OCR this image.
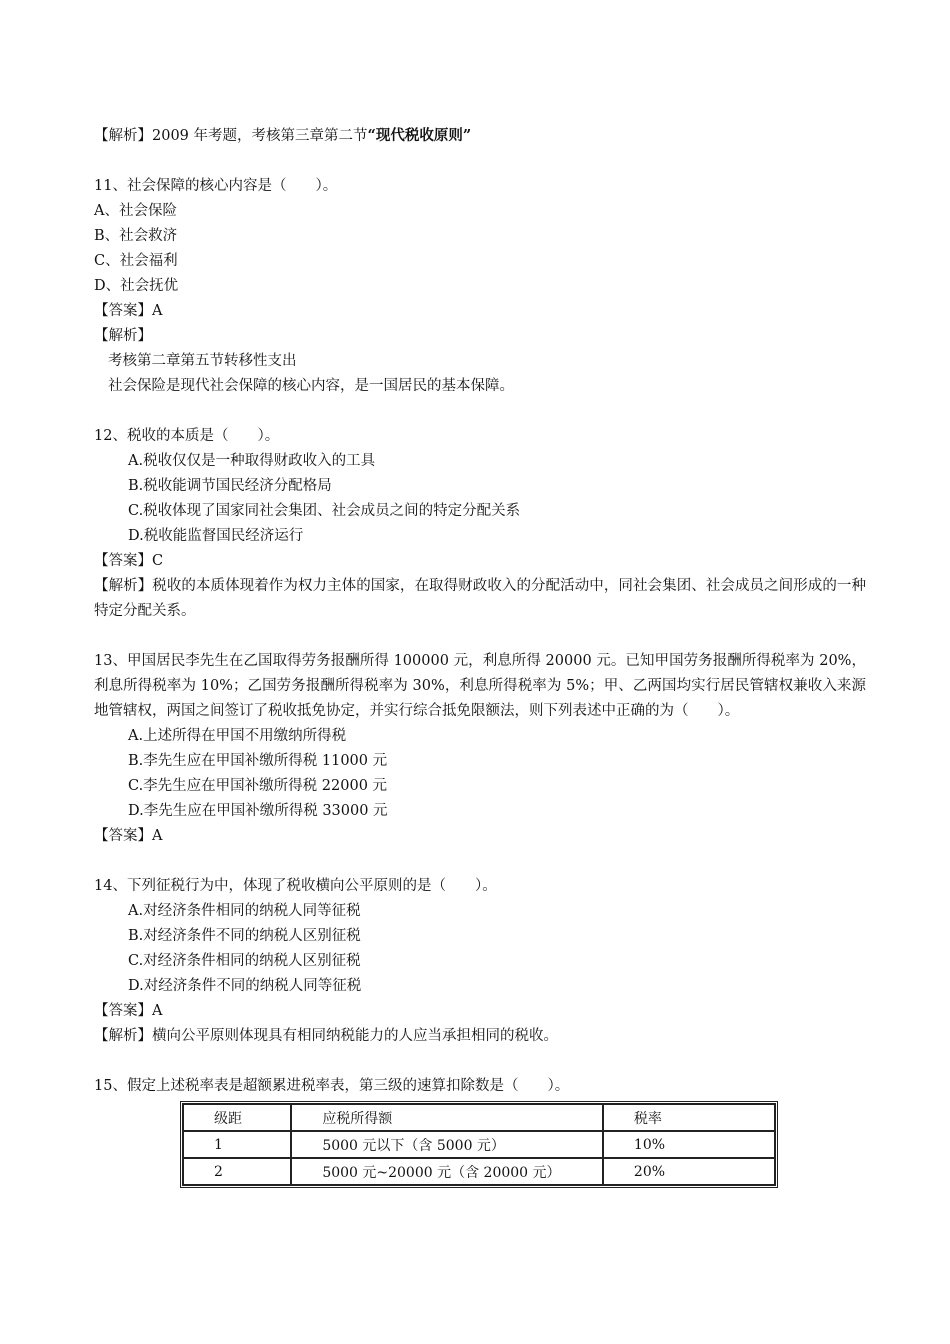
【解析】2009 年考题，考核第三章第二节“现代税收原则”
11、社会保障的核心内容是（　　）。
A、社会保险
B、社会救济
C、社会福利
D、社会抚优
【答案】A
【解析】
考核第二章第五节转移性支出
社会保险是现代社会保障的核心内容，是一国居民的基本保障。
12、税收的本质是（　　）。
A.税收仅仅是一种取得财政收入的工具
B.税收能调节国民经济分配格局
C.税收体现了国家同社会集团、社会成员之间的特定分配关系
D.税收能监督国民经济运行
【答案】C
【解析】税收的本质体现着作为权力主体的国家，在取得财政收入的分配活动中，同社会集团、社会成员之间形成的一种特定分配关系。
13、甲国居民李先生在乙国取得劳务报酬所得 100000 元，利息所得 20000 元。已知甲国劳务报酬所得税率为 20%，利息所得税率为 10%；乙国劳务报酬所得税率为 30%，利息所得税率为 5%；甲、乙两国均实行居民管辖权兼收入来源地管辖权，两国之间签订了税收抵免协定，并实行综合抵免限额法，则下列表述中正确的为（　　）。
A.上述所得在甲国不用缴纳所得税
B.李先生应在甲国补缴所得税 11000 元
C.李先生应在甲国补缴所得税 22000 元
D.李先生应在甲国补缴所得税 33000 元
【答案】A
14、下列征税行为中，体现了税收横向公平原则的是（　　）。
A.对经济条件相同的纳税人同等征税
B.对经济条件不同的纳税人区别征税
C.对经济条件相同的纳税人区别征税
D.对经济条件不同的纳税人同等征税
【答案】A
【解析】横向公平原则体现具有相同纳税能力的人应当承担相同的税收。
15、假定上述税率表是超额累进税率表，第三级的速算扣除数是（　　）。
级距	应税所得额	税率
1	5000 元以下（含 5000 元）	10%
2	5000 元~20000 元（含 20000 元）	20%
